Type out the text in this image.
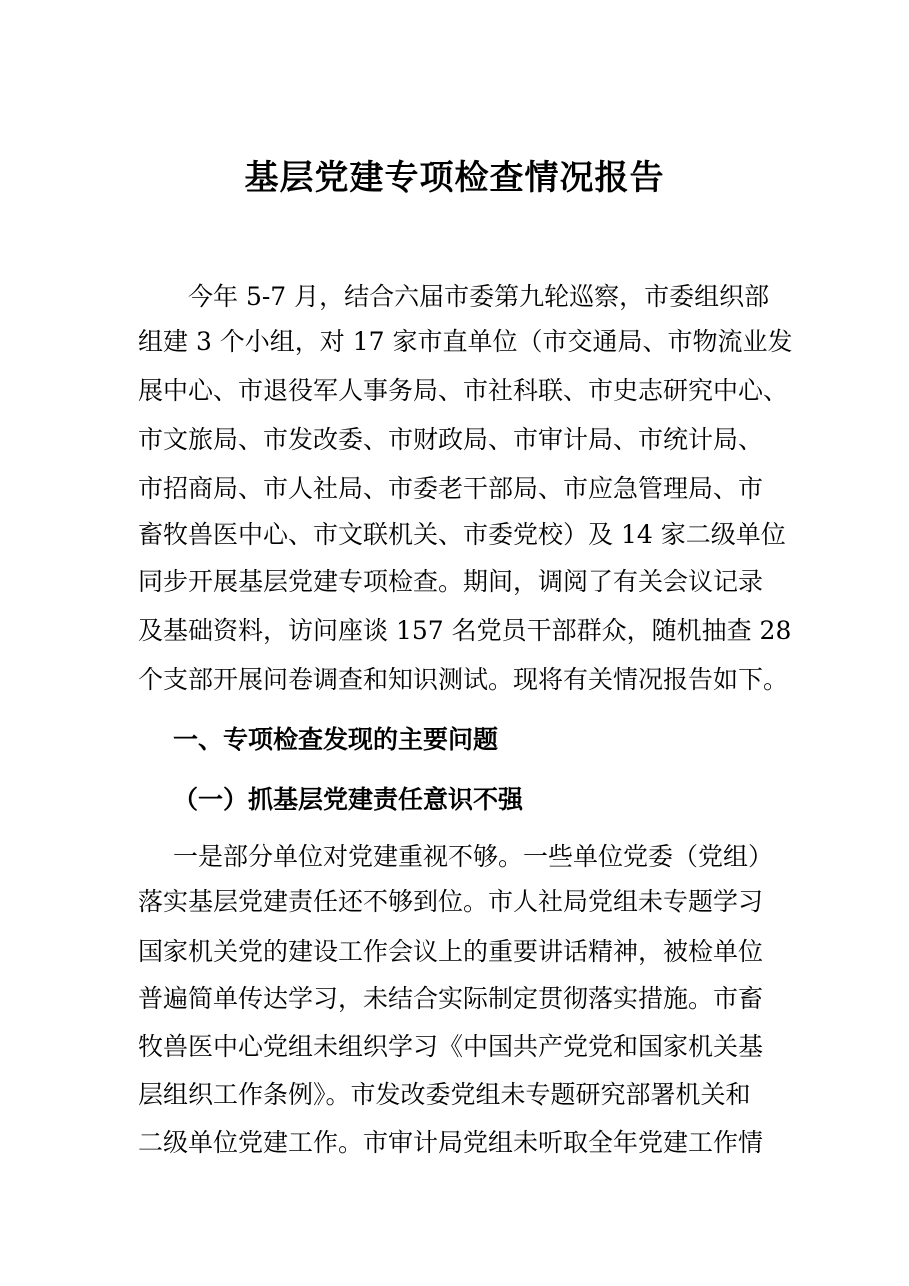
基层党建专项检查情况报告
今年 5-7 月，结合六届市委第九轮巡察，市委组织部
组建 3 个小组，对 17 家市直单位（市交通局、市物流业发
展中心、市退役军人事务局、市社科联、市史志研究中心、
市文旅局、市发改委、市财政局、市审计局、市统计局、
市招商局、市人社局、市委老干部局、市应急管理局、市
畜牧兽医中心、市文联机关、市委党校）及 14 家二级单位
同步开展基层党建专项检查。期间，调阅了有关会议记录
及基础资料，访问座谈 157 名党员干部群众，随机抽查 28
个支部开展问卷调查和知识测试。现将有关情况报告如下。
一、专项检查发现的主要问题
（一）抓基层党建责任意识不强
一是部分单位对党建重视不够。一些单位党委（党组）
落实基层党建责任还不够到位。市人社局党组未专题学习
国家机关党的建设工作会议上的重要讲话精神，被检单位
普遍简单传达学习，未结合实际制定贯彻落实措施。市畜
牧兽医中心党组未组织学习《中国共产党党和国家机关基
层组织工作条例》。市发改委党组未专题研究部署机关和
二级单位党建工作。市审计局党组未听取全年党建工作情
